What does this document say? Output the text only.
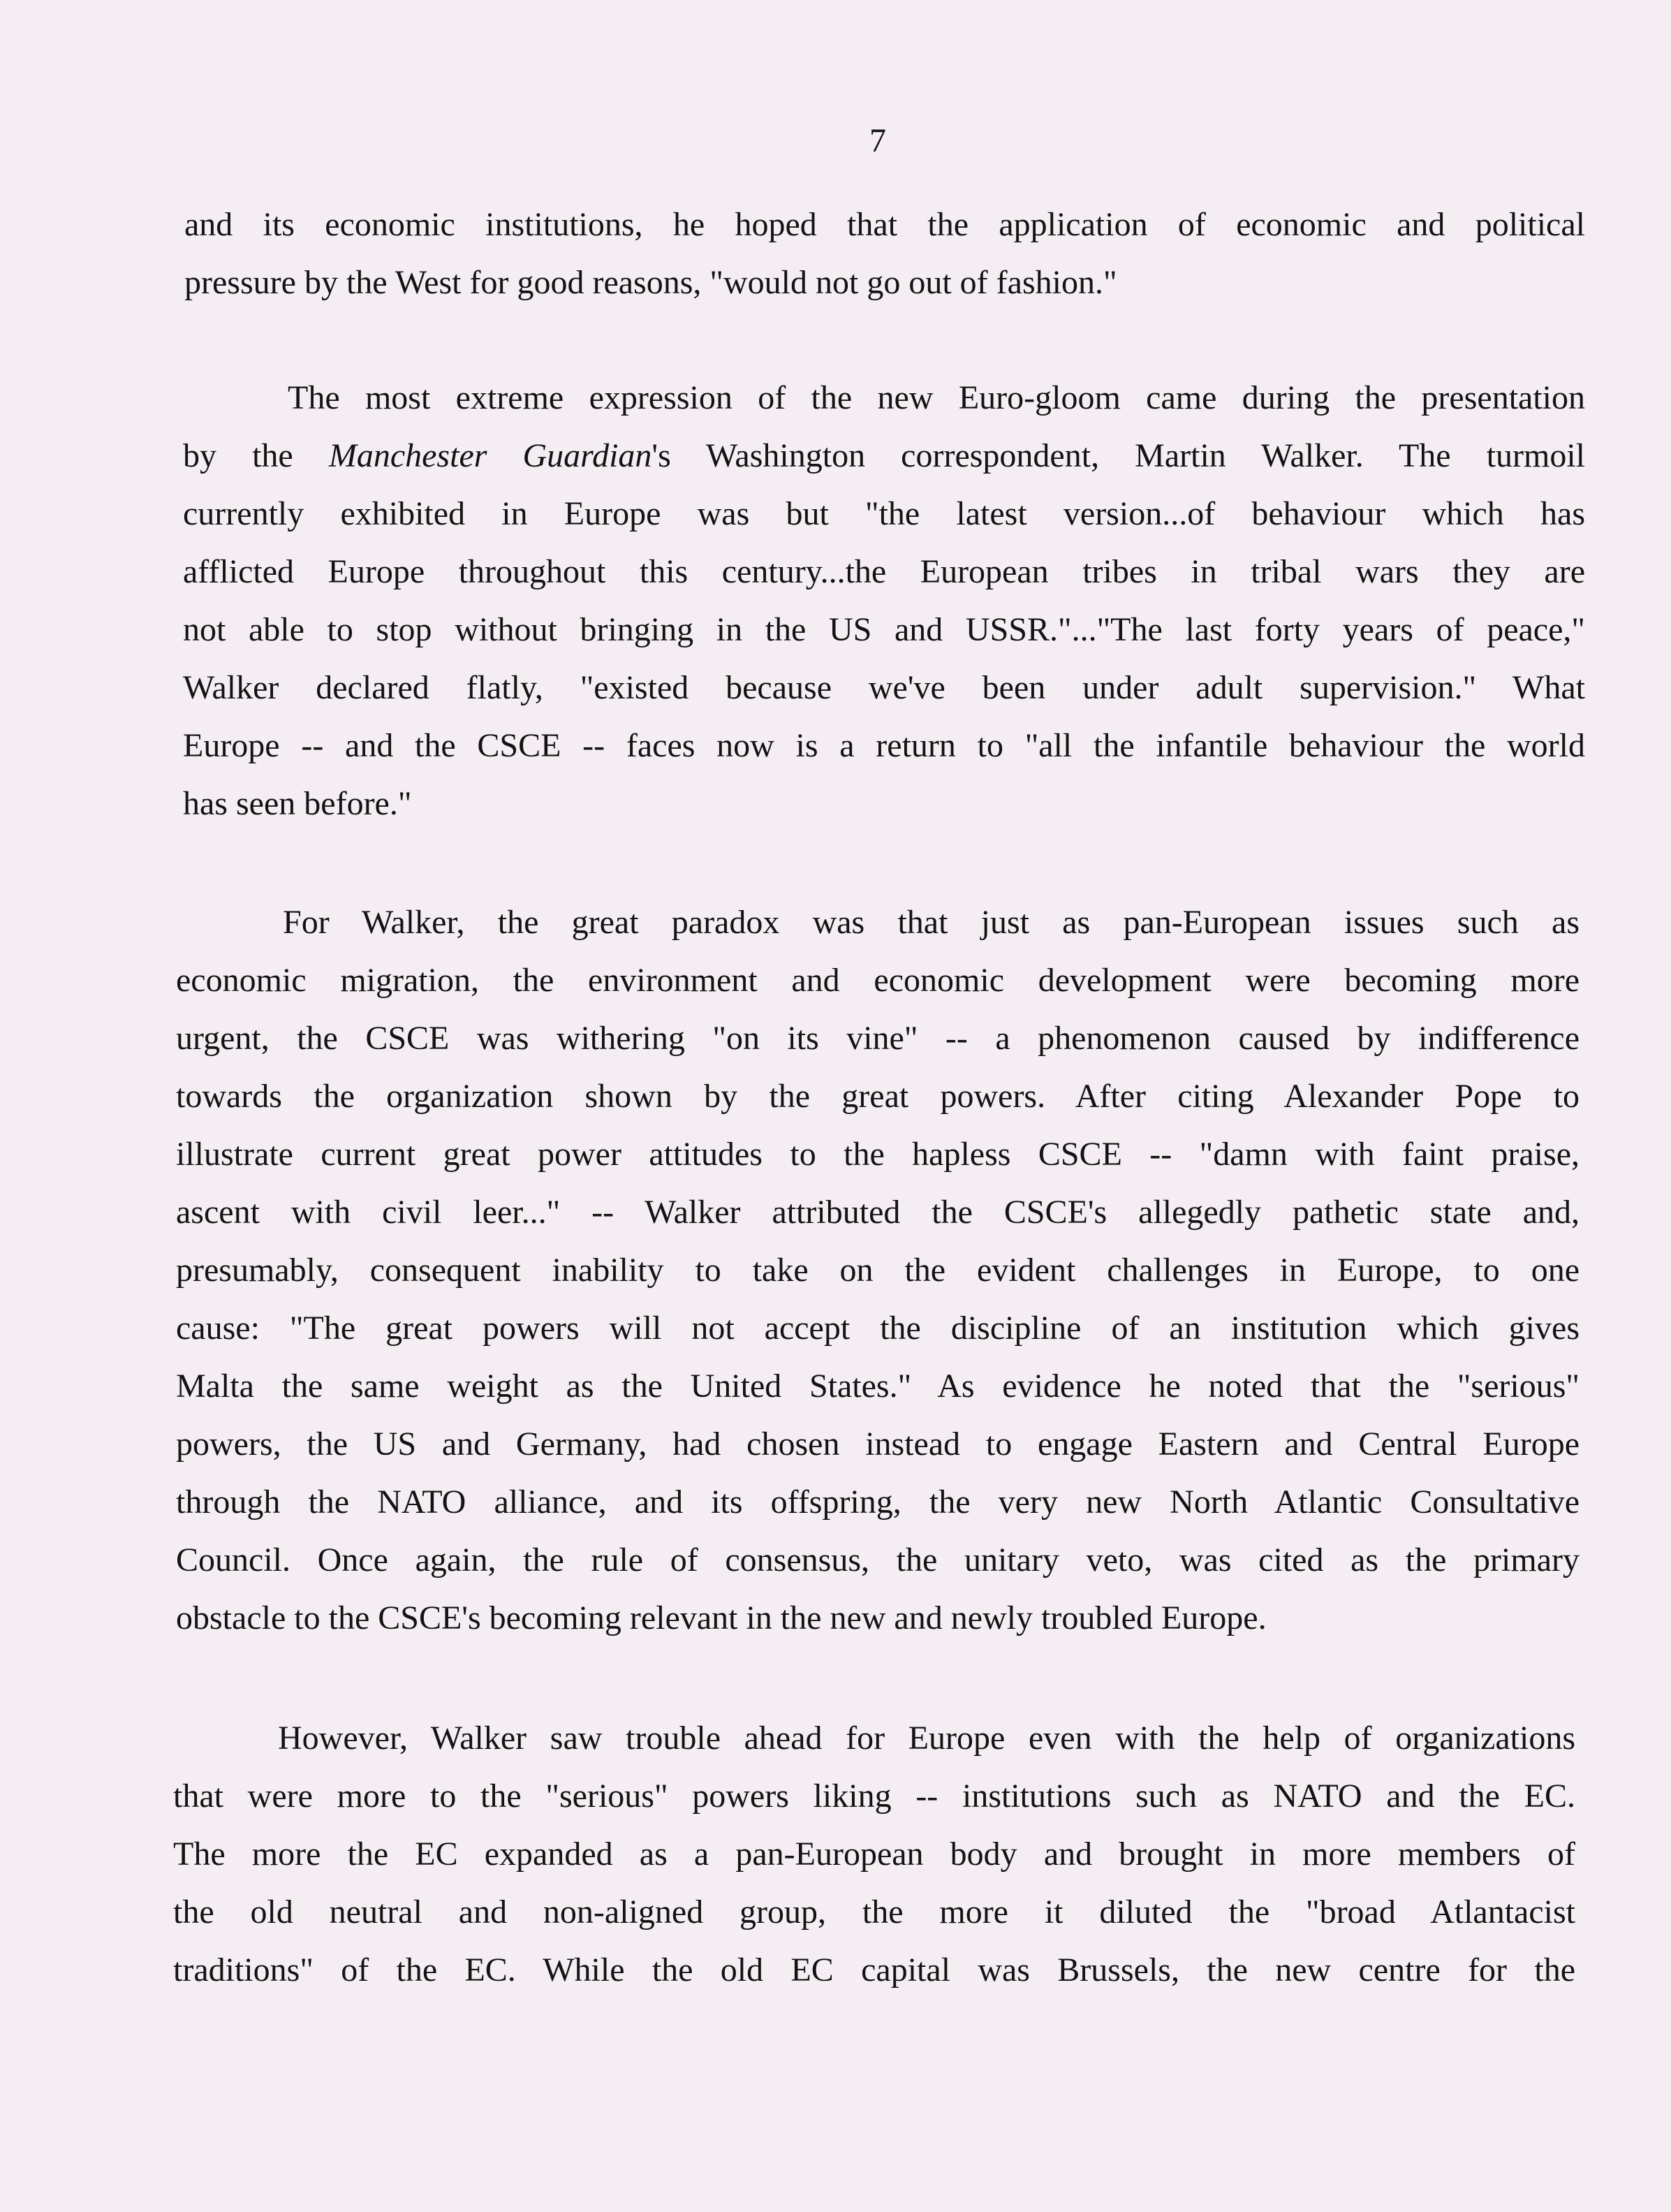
7
and its economic institutions, he hoped that the application of economic and political
pressure by the West for good reasons, "would not go out of fashion."
The most extreme expression of the new Euro-gloom came during the presentation
by the Manchester Guardian's Washington correspondent, Martin Walker. The turmoil
currently exhibited in Europe was but "the latest version...of behaviour which has
afflicted Europe throughout this century...the European tribes in tribal wars they are
not able to stop without bringing in the US and USSR."..."The last forty years of peace,"
Walker declared flatly, "existed because we've been under adult supervision." What
Europe -- and the CSCE -- faces now is a return to "all the infantile behaviour the world
has seen before."
For Walker, the great paradox was that just as pan-European issues such as
economic migration, the environment and economic development were becoming more
urgent, the CSCE was withering "on its vine" -- a phenomenon caused by indifference
towards the organization shown by the great powers. After citing Alexander Pope to
illustrate current great power attitudes to the hapless CSCE -- "damn with faint praise,
ascent with civil leer..." -- Walker attributed the CSCE's allegedly pathetic state and,
presumably, consequent inability to take on the evident challenges in Europe, to one
cause: "The great powers will not accept the discipline of an institution which gives
Malta the same weight as the United States." As evidence he noted that the "serious"
powers, the US and Germany, had chosen instead to engage Eastern and Central Europe
through the NATO alliance, and its offspring, the very new North Atlantic Consultative
Council. Once again, the rule of consensus, the unitary veto, was cited as the primary
obstacle to the CSCE's becoming relevant in the new and newly troubled Europe.
However, Walker saw trouble ahead for Europe even with the help of organizations
that were more to the "serious" powers liking -- institutions such as NATO and the EC.
The more the EC expanded as a pan-European body and brought in more members of
the old neutral and non-aligned group, the more it diluted the "broad Atlantacist
traditions" of the EC. While the old EC capital was Brussels, the new centre for the
